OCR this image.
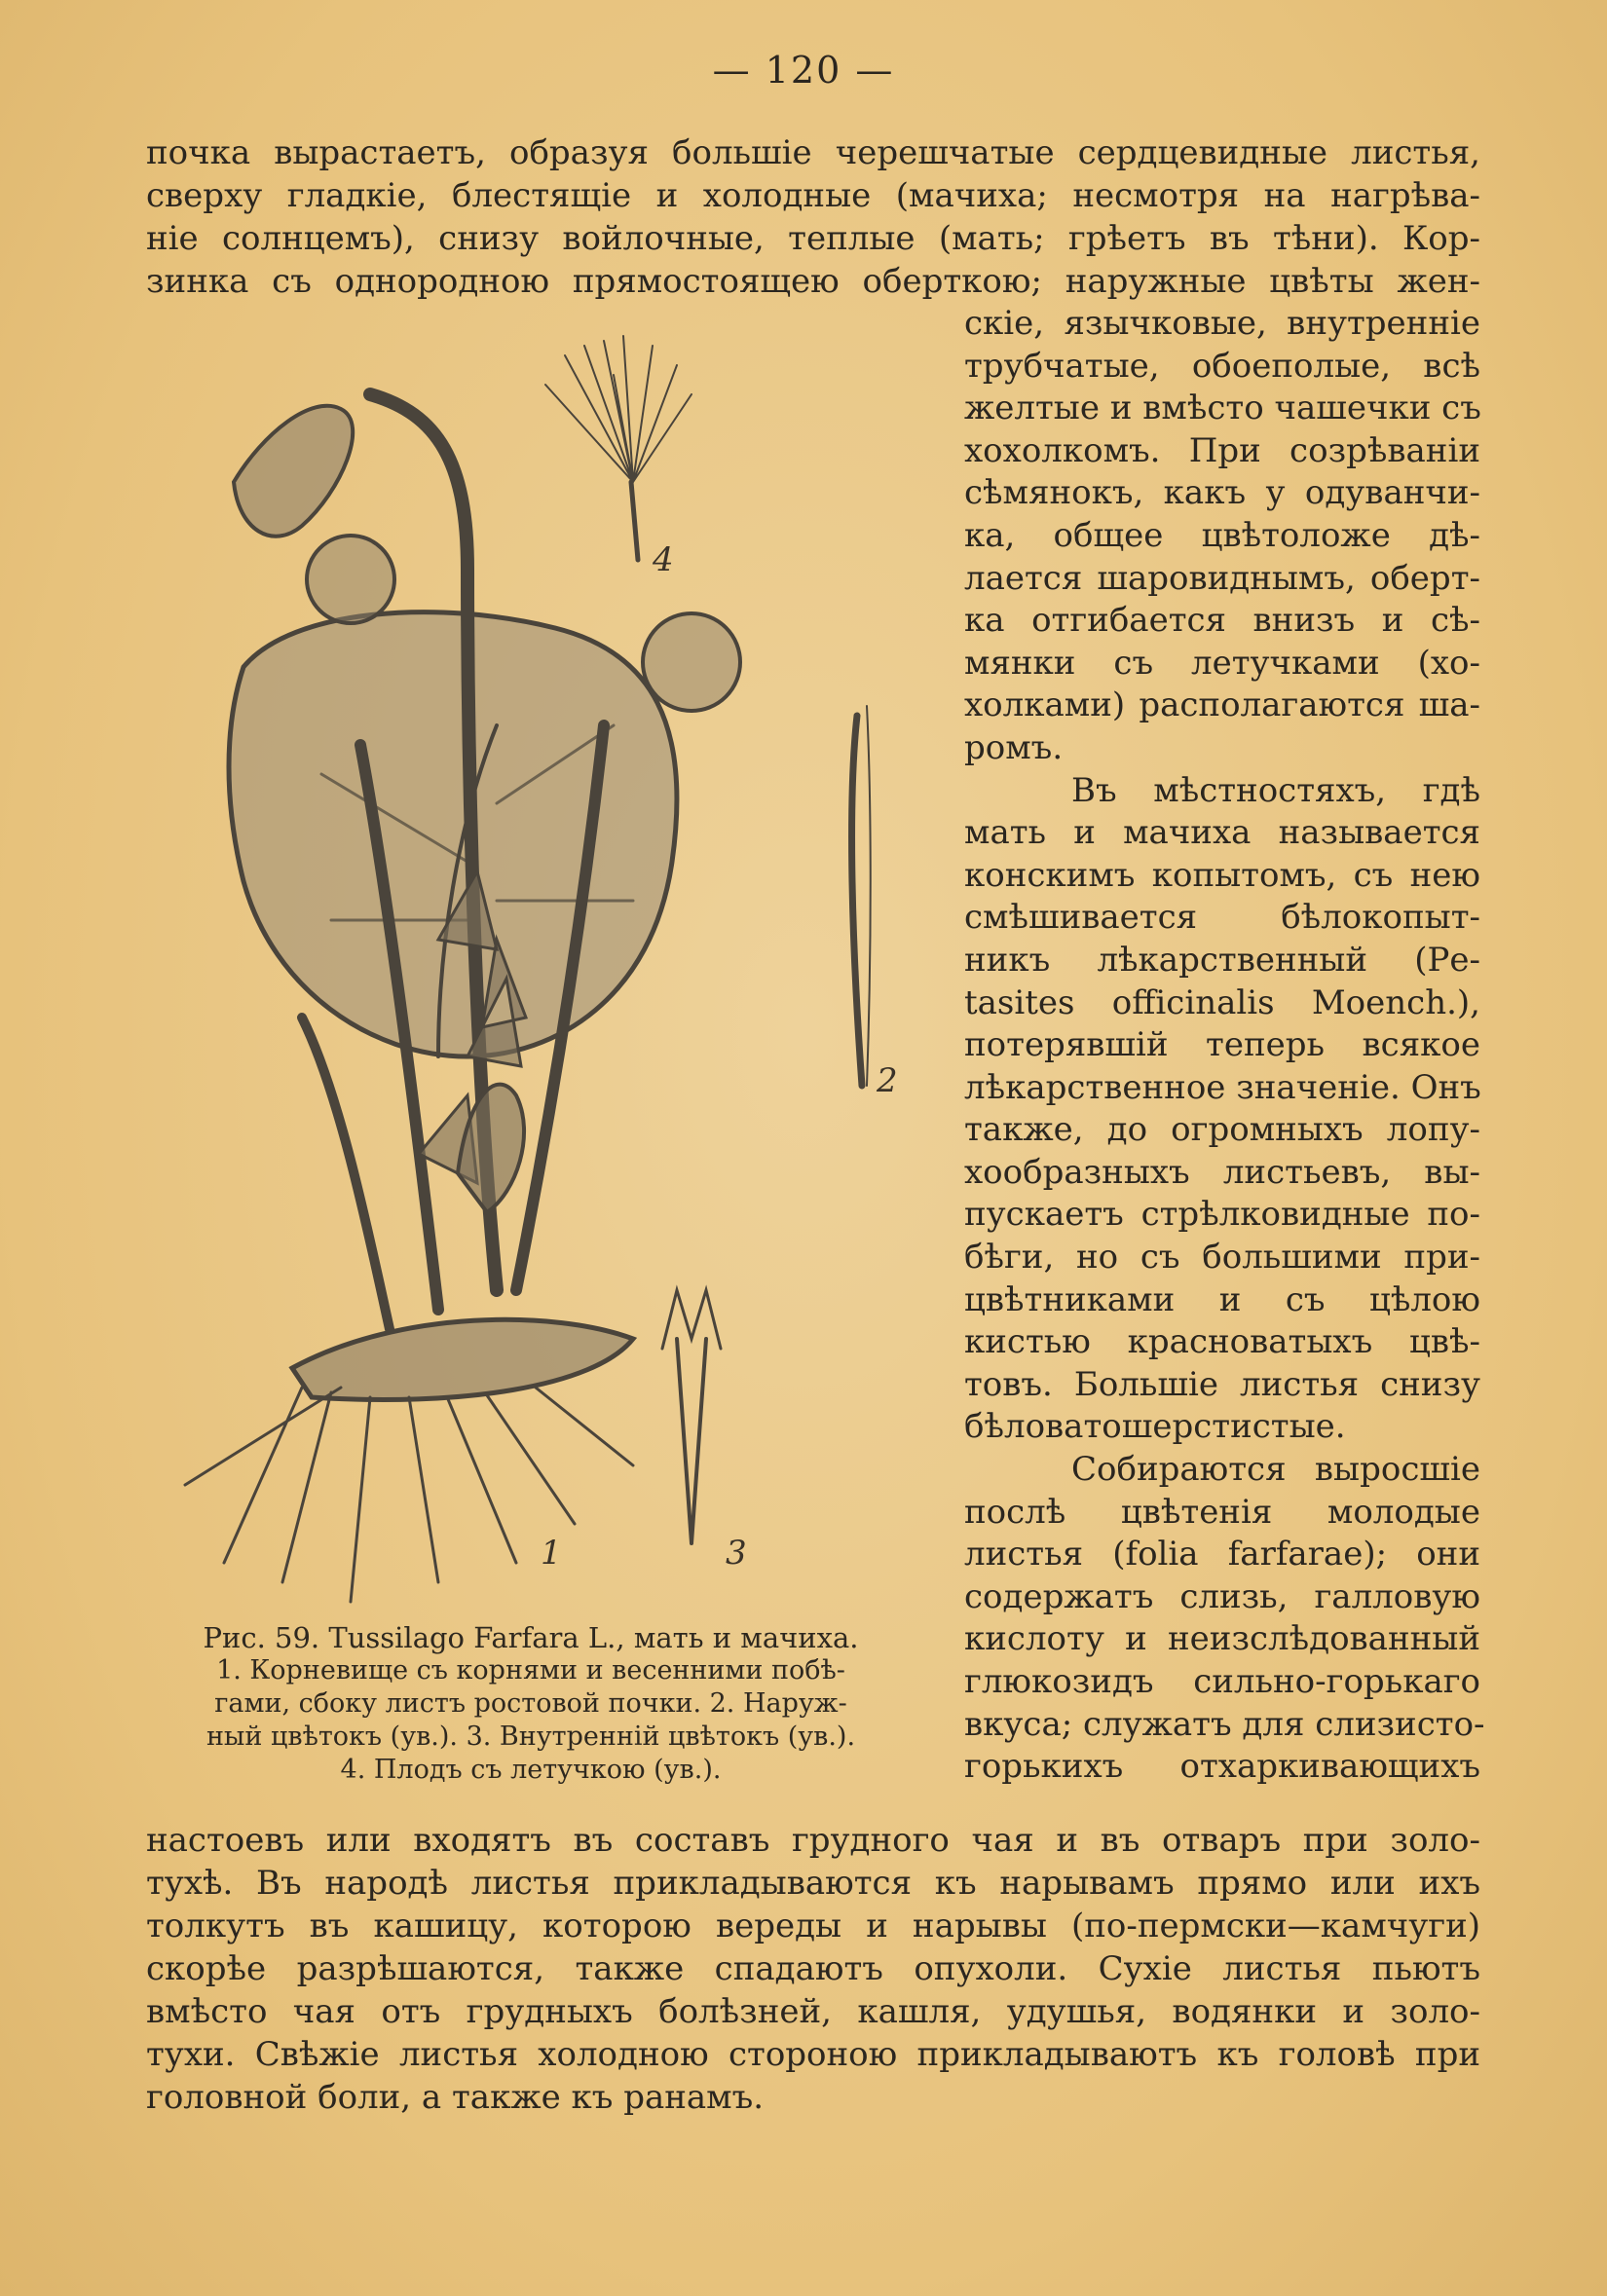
— 120 —
почка вырастаетъ, образуя большіе черешчатые сердцевидные листья,
сверху гладкіе, блестящіе и холодные (мачиха; несмотря на нагрѣва-
ніе солнцемъ), снизу войлочные, теплые (мать; грѣетъ въ тѣни). Кор-
зинка съ однородною прямостоящею оберткою; наружные цвѣты жен-
скіе, язычковые, внутренніе
трубчатые, обоеполые, всѣ
желтые и вмѣсто чашечки съ
хохолкомъ. При созрѣваніи
сѣмянокъ, какъ у одуванчи-
ка, общее цвѣтоложе дѣ-
лается шаровиднымъ, оберт-
ка отгибается внизъ и сѣ-
мянки съ летучками (хо-
холками) располагаются ша-
ромъ.
Въ мѣстностяхъ, гдѣ
мать и мачиха называется
конскимъ копытомъ, съ нею
смѣшивается бѣлокопыт-
никъ лѣкарственный (Ре-
tasites officinalis Moench.),
потерявшій теперь всякое
лѣкарственное значеніе. Онъ
также, до огромныхъ лопу-
хообразныхъ листьевъ, вы-
пускаетъ стрѣлковидные по-
бѣги, но съ большими при-
цвѣтниками и съ цѣлою
кистью красноватыхъ цвѣ-
товъ. Большіе листья снизу
бѣловатошерстистые.
Собираются выросшіе
послѣ цвѣтенія молодые
листья (folia farfarae); они
содержатъ слизь, галловую
кислоту и неизслѣдованный
глюкозидъ сильно-горькаго
вкуса; служатъ для слизисто-
горькихъ отхаркивающихъ
4
2
1	3
Рис. 59. Tussilago Farfara L., мать и мачиха.
1. Корневище съ корнями и весенними побѣ-
гами, сбоку листъ ростовой почки. 2. Наруж-
ный цвѣтокъ (ув.). 3. Внутренній цвѣтокъ (ув.).
4. Плодъ съ летучкою (ув.).
настоевъ или входятъ въ составъ грудного чая и въ отваръ при золо-
тухѣ. Въ народѣ листья прикладываются къ нарывамъ прямо или ихъ
толкутъ въ кашицу, которою вереды и нарывы (по-пермски—камчуги)
скорѣе разрѣшаются, также спадаютъ опухоли. Сухіе листья пьютъ
вмѣсто чая отъ грудныхъ болѣзней, кашля, удушья, водянки и золо-
тухи. Свѣжіе листья холодною стороною прикладываютъ къ головѣ при
головной боли, а также къ ранамъ.
